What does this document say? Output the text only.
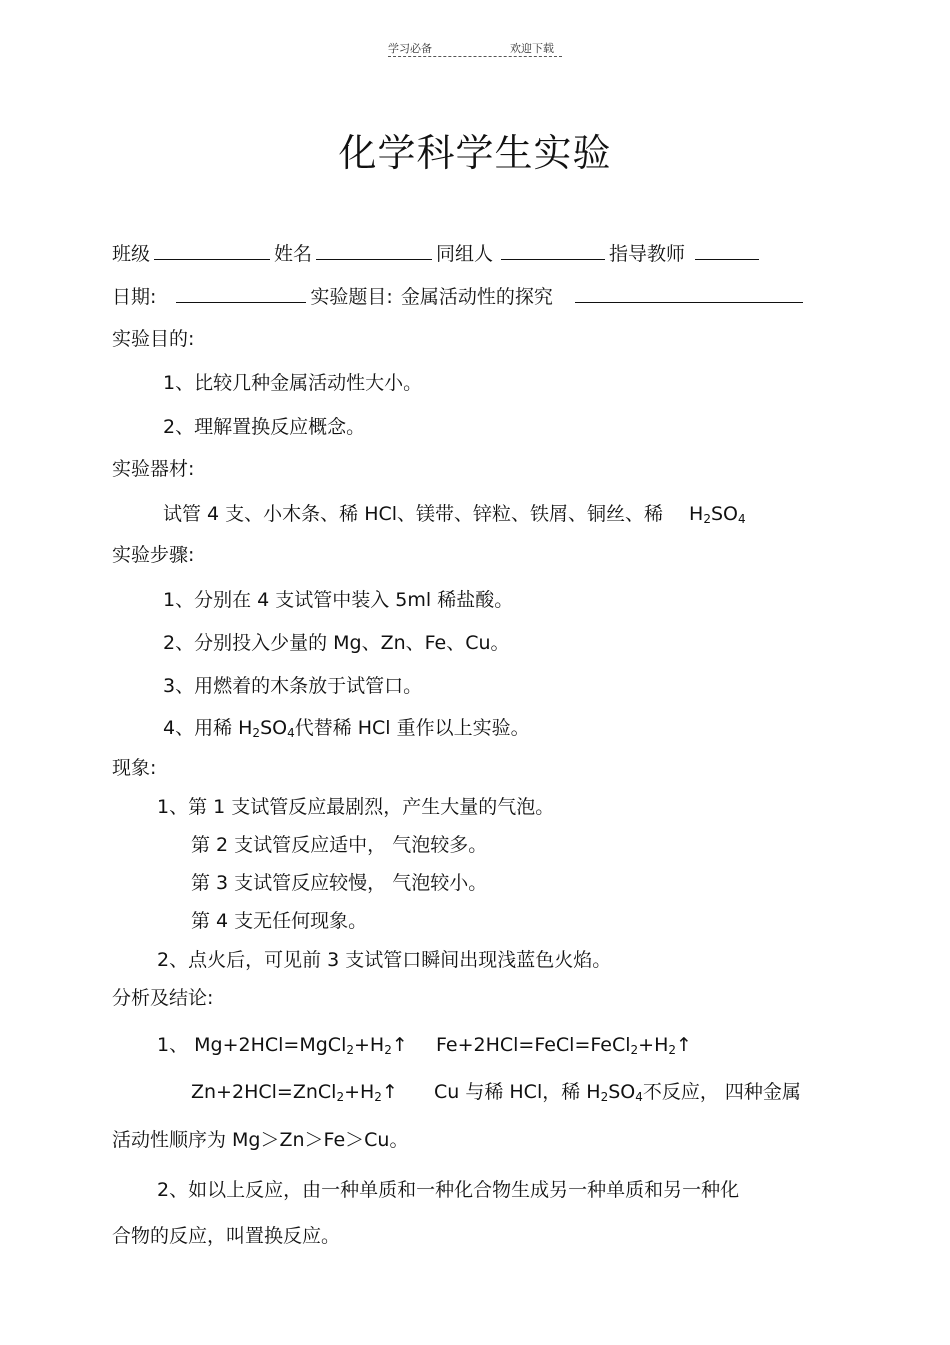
学习必备	欢迎下载
化学科学生实验
班级	姓名	同组人	指导教师
日期:	实验题目: 金属活动性的探究
实验目的:
1、比较几种金属活动性大小。
2、理解置换反应概念。
实验器材:
试管 4 支、小木条、稀 HCl、镁带、锌粒、铁屑、铜丝、稀 $H_2SO_4$
实验步骤:
1、分别在 4 支试管中装入 5ml 稀盐酸。
2、分别投入少量的 Mg、Zn、Fe、Cu。
3、用燃着的木条放于试管口。
4、用稀 $H_2SO_4$代替稀 HCl 重作以上实验。
现象:
1、第 1 支试管反应最剧烈，产生大量的气泡。
第 2 支试管反应适中， 气泡较多。
第 3 支试管反应较慢， 气泡较小。
第 4 支无任何现象。
2、点火后，可见前 3 支试管口瞬间出现浅蓝色火焰。
分析及结论:
1、 $Mg+2HCl=MgCl_2+H_2↑$ $Fe+2HCl=FeCl=FeCl_2+H_2↑$
$Zn+2HCl=ZnCl_2+H_2↑$ Cu 与稀 HCl，稀 $H_2SO_4$不反应， 四种金属
活动性顺序为 Mg＞Zn＞Fe＞Cu。
2、如以上反应，由一种单质和一种化合物生成另一种单质和另一种化
合物的反应，叫置换反应。
